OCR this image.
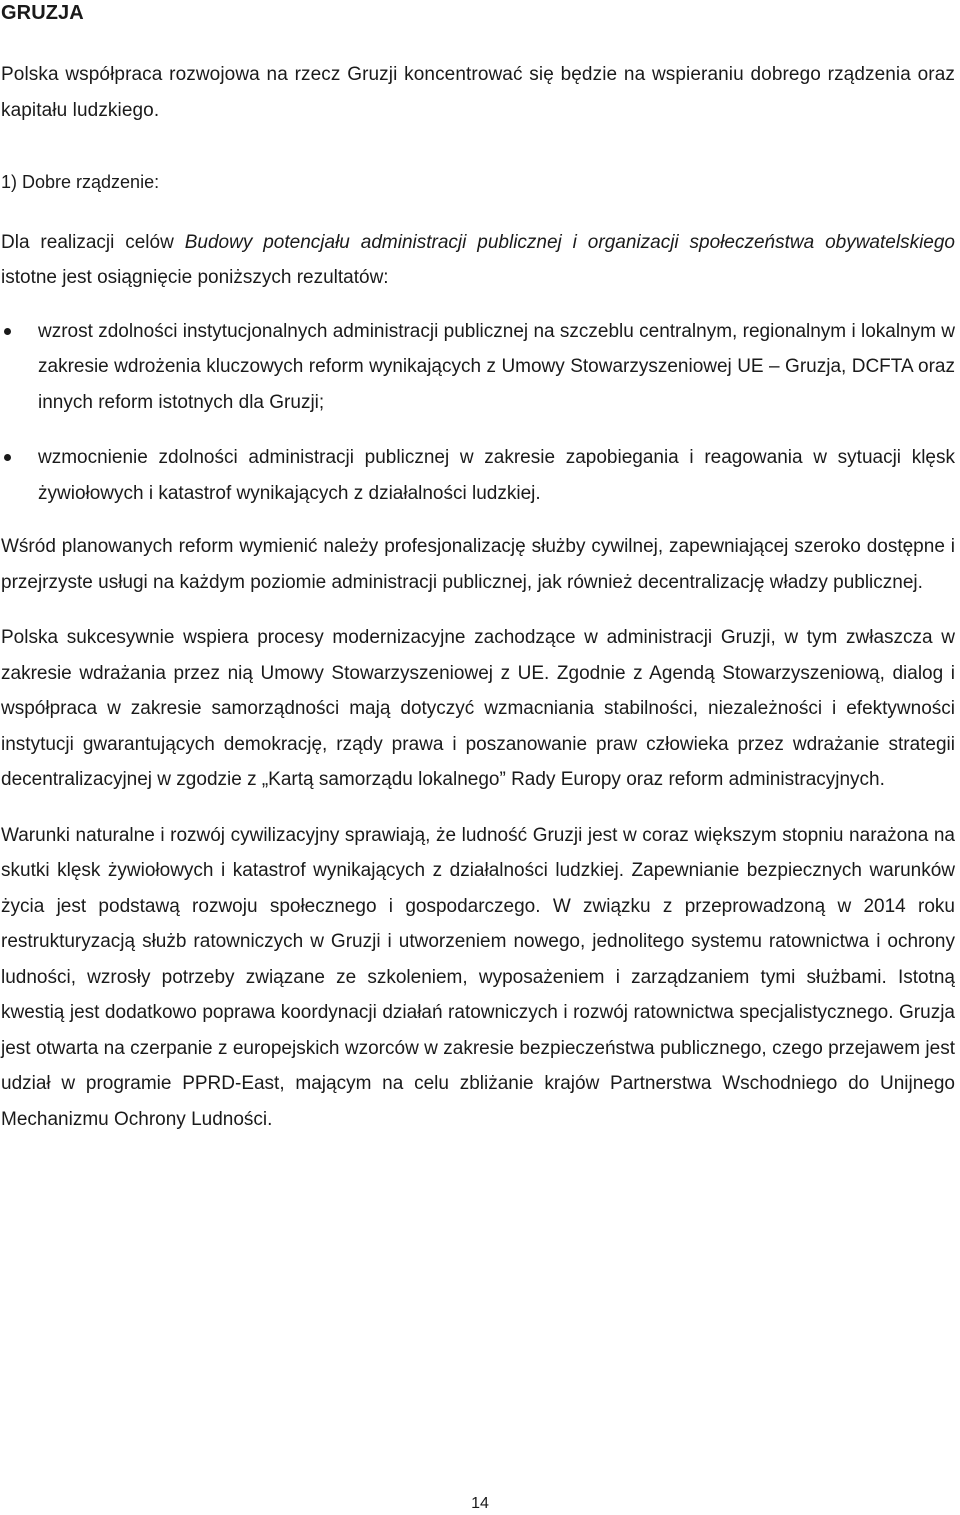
GRUZJA

Polska współpraca rozwojowa na rzecz Gruzji koncentrować się będzie na wspieraniu dobrego rządzenia oraz kapitału ludzkiego.

1) Dobre rządzenie:

Dla realizacji celów Budowy potencjału administracji publicznej i organizacji społeczeństwa obywatelskiego istotne jest osiągnięcie poniższych rezultatów:

wzrost zdolności instytucjonalnych administracji publicznej na szczeblu centralnym, regionalnym i lokalnym w zakresie wdrożenia kluczowych reform wynikających z Umowy Stowarzyszeniowej UE – Gruzja, DCFTA oraz innych reform istotnych dla Gruzji;
wzmocnienie zdolności administracji publicznej w zakresie zapobiegania i reagowania w sytuacji klęsk żywiołowych i katastrof wynikających z działalności ludzkiej.

Wśród planowanych reform wymienić należy profesjonalizację służby cywilnej, zapewniającej szeroko dostępne i przejrzyste usługi na każdym poziomie administracji publicznej, jak również decentralizację władzy publicznej.

Polska sukcesywnie wspiera procesy modernizacyjne zachodzące w administracji Gruzji, w tym zwłaszcza w zakresie wdrażania przez nią Umowy Stowarzyszeniowej z UE. Zgodnie z Agendą Stowarzyszeniową, dialog i współpraca w zakresie samorządności mają dotyczyć wzmacniania stabilności, niezależności i efektywności instytucji gwarantujących demokrację, rządy prawa i poszanowanie praw człowieka przez wdrażanie strategii decentralizacyjnej w zgodzie z „Kartą samorządu lokalnego” Rady Europy oraz reform administracyjnych.

Warunki naturalne i rozwój cywilizacyjny sprawiają, że ludność Gruzji jest w coraz większym stopniu narażona na skutki klęsk żywiołowych i katastrof wynikających z działalności ludzkiej. Zapewnianie bezpiecznych warunków życia jest podstawą rozwoju społecznego i gospodarczego. W związku z przeprowadzoną w 2014 roku restrukturyzacją służb ratowniczych w Gruzji i utworzeniem nowego, jednolitego systemu ratownictwa i ochrony ludności, wzrosły potrzeby związane ze szkoleniem, wyposażeniem i zarządzaniem tymi służbami. Istotną kwestią jest dodatkowo poprawa koordynacji działań ratowniczych i rozwój ratownictwa specjalistycznego. Gruzja jest otwarta na czerpanie z europejskich wzorców w zakresie bezpieczeństwa publicznego, czego przejawem jest udział w programie PPRD-East, mającym na celu zbliżanie krajów Partnerstwa Wschodniego do Unijnego Mechanizmu Ochrony Ludności.

14
